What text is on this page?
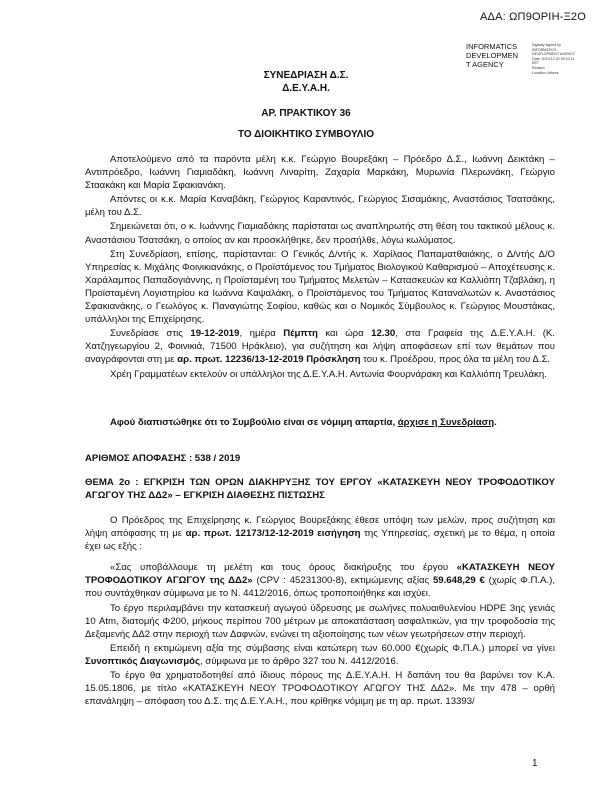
ΑΔΑ: ΩΠ9ΟΡΙΗ-Ξ2Ο
INFORMATICS
DEVELOPMEN
T AGENCY
Digitally signed by
INFORMATICS
DEVELOPMENT AGENCY
Date: 2019.12.20 09:10:11
EET
Reason:
Location: Athens
ΣΥΝΕΔΡΙΑΣΗ Δ.Σ.
Δ.Ε.Υ.Α.Η.
ΑΡ. ΠΡΑΚΤΙΚΟΥ 36
ΤΟ ΔΙΟΙΚΗΤΙΚΟ ΣΥΜΒΟΥΛΙΟ

Αποτελούμενο από τα παρόντα μέλη κ.κ. Γεώργιο Βουρεξάκη – Πρόεδρο Δ.Σ., Ιωάννη Δεικτάκη – Αντιπρόεδρο, Ιωάννη Γιαμιαδάκη, Ιωάννη Λιναρίτη, Ζαχαρία Μαρκάκη, Μυρωνία Πλερωνάκη, Γεώργιο Σταακάκη και Μαρία Σφακιανάκη.

Απόντες οι κ.κ. Μαρία Καναβάκη, Γεώργιος Καραντινός, Γεώργιος Σισαμάκης, Αναστάσιος Τσατσάκης, μέλη του Δ.Σ.

Σημειώνεται ότι, ο κ. Ιωάννης Γιαμιαδάκης παρίσταται ως αναπληρωτής στη θέση του τακτικού μέλους κ. Αναστάσιου Τσατσάκη, ο οποίος αν και προσκλήθηκε, δεν προσήλθε, λόγω κωλύματος.

Στη Συνεδρίαση, επίσης, παρίστανται: Ο Γενικός Δ/ντής κ. Χαρίλαος Παπαματθαιάκης, ο Δ/ντής Δ/Ο Υπηρεσίας κ. Μιχάλης Φοινικιανάκης, ο Προϊστάμενος του Τμήματος Βιολογικού Καθαρισμού – Αποχέτευσης κ. Χαράλαμπος Παπαδογιάννης, η Προϊσταμένη του Τμήματος Μελετών – Κατασκευών κα Καλλιόπη Τζαβλάκη, η Προϊσταμένη Λογιστηρίου κα Ιωάννα Καψαλάκη, ο Προϊστάμενος του Τμήματος Καταναλωτών κ. Αναστάσιος Σφακιανάκης, ο Γεωλόγος κ. Παναγιώτης Σοφίου, καθώς και ο Νομικός Σύμβουλος κ. Γεώργιος Μουστάκας, υπάλληλοι της Επιχείρησης.

Συνεδρίασε στις 19-12-2019, ημέρα Πέμπτη και ώρα 12.30, στα Γραφεία της Δ.Ε.Υ.Α.Η. (Κ. Χατζηγεωργίου 2, Φοινικιά, 71500 Ηράκλειο), για συζήτηση και λήψη αποφάσεων επί των θεμάτων που αναγράφονται στη με αρ. πρωτ. 12236/13-12-2019 Πρόσκληση του κ. Προέδρου, προς όλα τα μέλη του Δ.Σ.

Χρέη Γραμματέων εκτελούν οι υπάλληλοι της Δ.Ε.Υ.Α.Η. Αντωνία Φουρνάρακη και Καλλιόπη Τρευλάκη.

Αφού διαπιστώθηκε ότι το Συμβούλιο είναι σε νόμιμη απαρτία, άρχισε η Συνεδρίαση.

ΑΡΙΘΜΟΣ ΑΠΟΦΑΣΗΣ : 538 / 2019
ΘΕΜΑ 2ο : ΕΓΚΡΙΣΗ ΤΩΝ ΟΡΩΝ ΔΙΑΚΗΡΥΞΗΣ ΤΟΥ ΕΡΓΟΥ «ΚΑΤΑΣΚΕΥΗ ΝΕΟΥ ΤΡΟΦΟΔΟΤΙΚΟΥ ΑΓΩΓΟΥ ΤΗΣ ΔΔ2» – ΕΓΚΡΙΣΗ ΔΙΑΘΕΣΗΣ ΠΙΣΤΩΣΗΣ

Ο Πρόεδρος της Επιχείρησης κ. Γεώργιος Βουρεξάκης έθεσε υπόψη των μελών, προς συζήτηση και λήψη απόφασης τη με αρ. πρωτ. 12173/12-12-2019 εισήγηση της Υπηρεσίας, σχετική με το θέμα, η οποία έχει ως εξής :

«Σας υποβάλλουμε τη μελέτη και τους όρους διακήρυξης του έργου «ΚΑΤΑΣΚΕΥΗ ΝΕΟΥ ΤΡΟΦΟΔΟΤΙΚΟΥ ΑΓΩΓΟΥ της ΔΔ2» (CPV : 45231300-8), εκτιμώμενης αξίας 59.648,29 € (χωρίς Φ.Π.Α.), που συντάχθηκαν σύμφωνα με το Ν. 4412/2016, όπως τροποποιήθηκε και ισχύει.

Το έργο περιλαμβάνει την κατασκευή αγωγού ύδρευσης με σωλήνες πολυαιθυλενίου HDPE 3ης γενιάς 10 Atm, διατομής Φ200, μήκους περίπου 700 μέτρων με αποκατάσταση ασφαλτικών, για την τροφοδοσία της Δεξαμενής ΔΔ2 στην περιοχή των Δαφνών, ενώνει τη αξιοποίησης των νέων γεωτρήσεων στην περιοχή.

Επειδή η εκτιμώμενη αξία της σύμβασης είναι κατώτερη των 60.000 €(χωρίς Φ.Π.Α.) μπορεί να γίνει Συνοπτικός Διαγωνισμός, σύμφωνα με το άρθρο 327 του Ν. 4412/2016.

Το έργο θα χρηματοδοτηθεί από ίδιους πόρους της Δ.Ε.Υ.Α.Η. Η δαπάνη του θα βαρύνει τον Κ.Α. 15.05.1806, με τίτλο «ΚΑΤΑΣΚΕΥΗ ΝΕΟΥ ΤΡΟΦΟΔΟΤΙΚΟΥ ΑΓΩΓΟΥ ΤΗΣ ΔΔ2». Με την 478 – ορθή επανάληψη – απόφαση του Δ.Σ. της Δ.Ε.Υ.Α.Η., που κρίθηκε νόμιμη με τη αρ. πρωτ. 13393/

1
